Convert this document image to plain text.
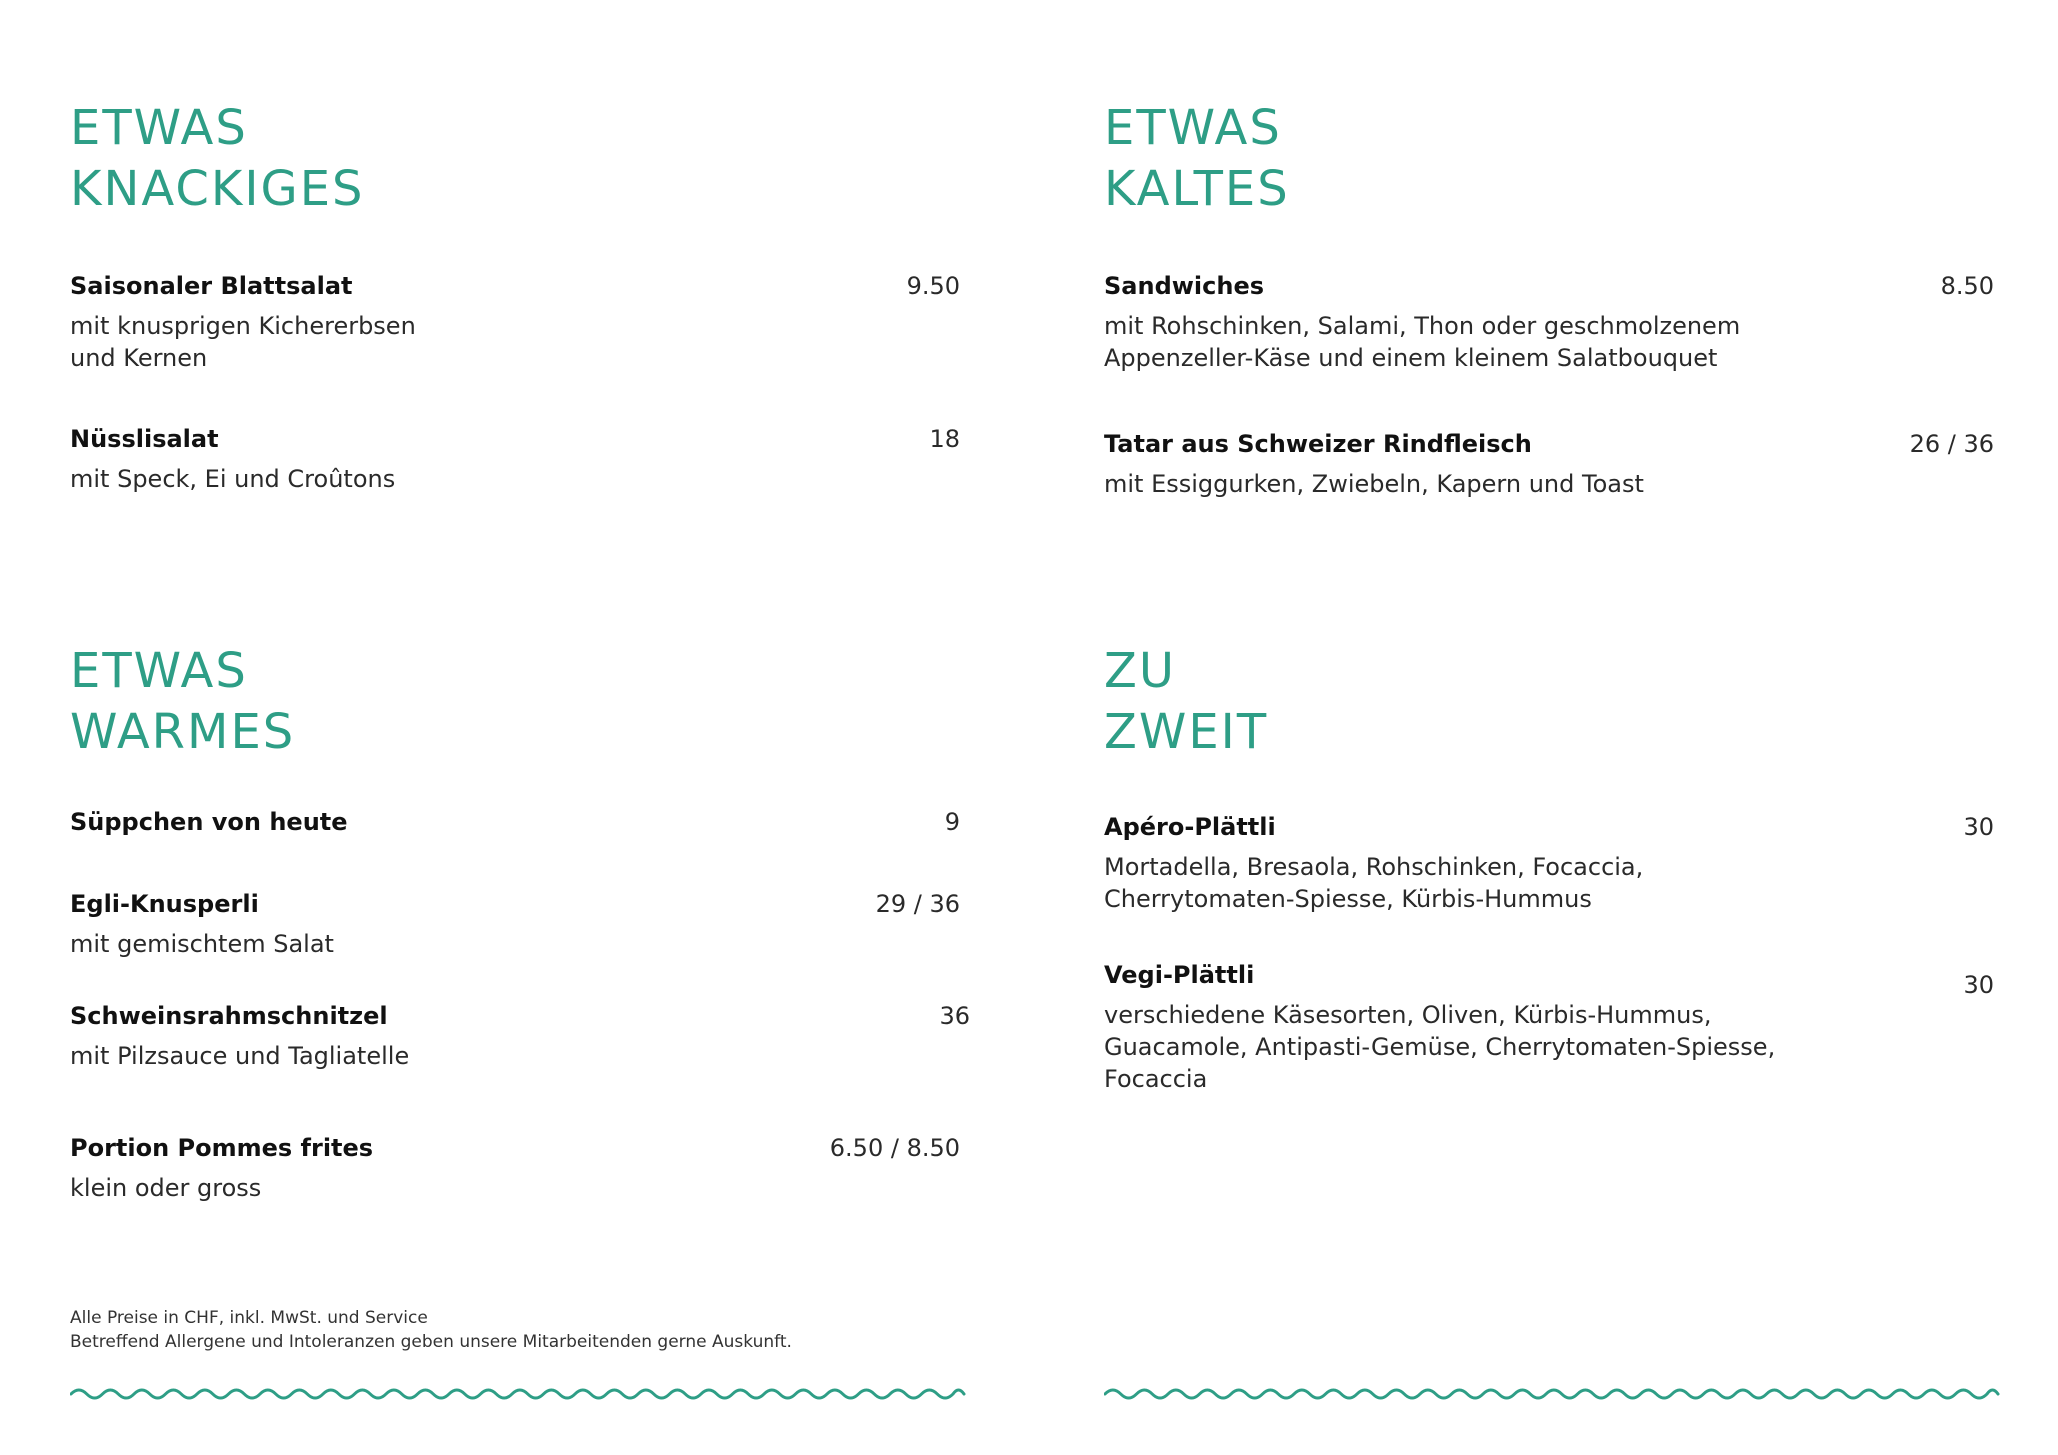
ETWAS
KNACKIGES
Saisonaler Blattsalat	9.50
mit knusprigen Kichererbsen
und Kernen
Nüsslisalat	18
mit Speck, Ei und Croûtons
ETWAS
KALTES
Sandwiches	8.50
mit Rohschinken, Salami, Thon oder geschmolzenem
Appenzeller-Käse und einem kleinem Salatbouquet
Tatar aus Schweizer Rindfleisch	26 / 36
mit Essiggurken, Zwiebeln, Kapern und Toast
ETWAS
WARMES
Süppchen von heute	9
Egli-Knusperli	29 / 36
mit gemischtem Salat
Schweinsrahmschnitzel	36
mit Pilzsauce und Tagliatelle
Portion Pommes frites	6.50 / 8.50
klein oder gross
ZU
ZWEIT
Apéro-Plättli	30
Mortadella, Bresaola, Rohschinken, Focaccia,
Cherrytomaten-Spiesse, Kürbis-Hummus
Vegi-Plättli	30
verschiedene Käsesorten, Oliven, Kürbis-Hummus,
Guacamole, Antipasti-Gemüse, Cherrytomaten-Spiesse,
Focaccia
Alle Preise in CHF, inkl. MwSt. und Service
Betreffend Allergene und Intoleranzen geben unsere Mitarbeitenden gerne Auskunft.
